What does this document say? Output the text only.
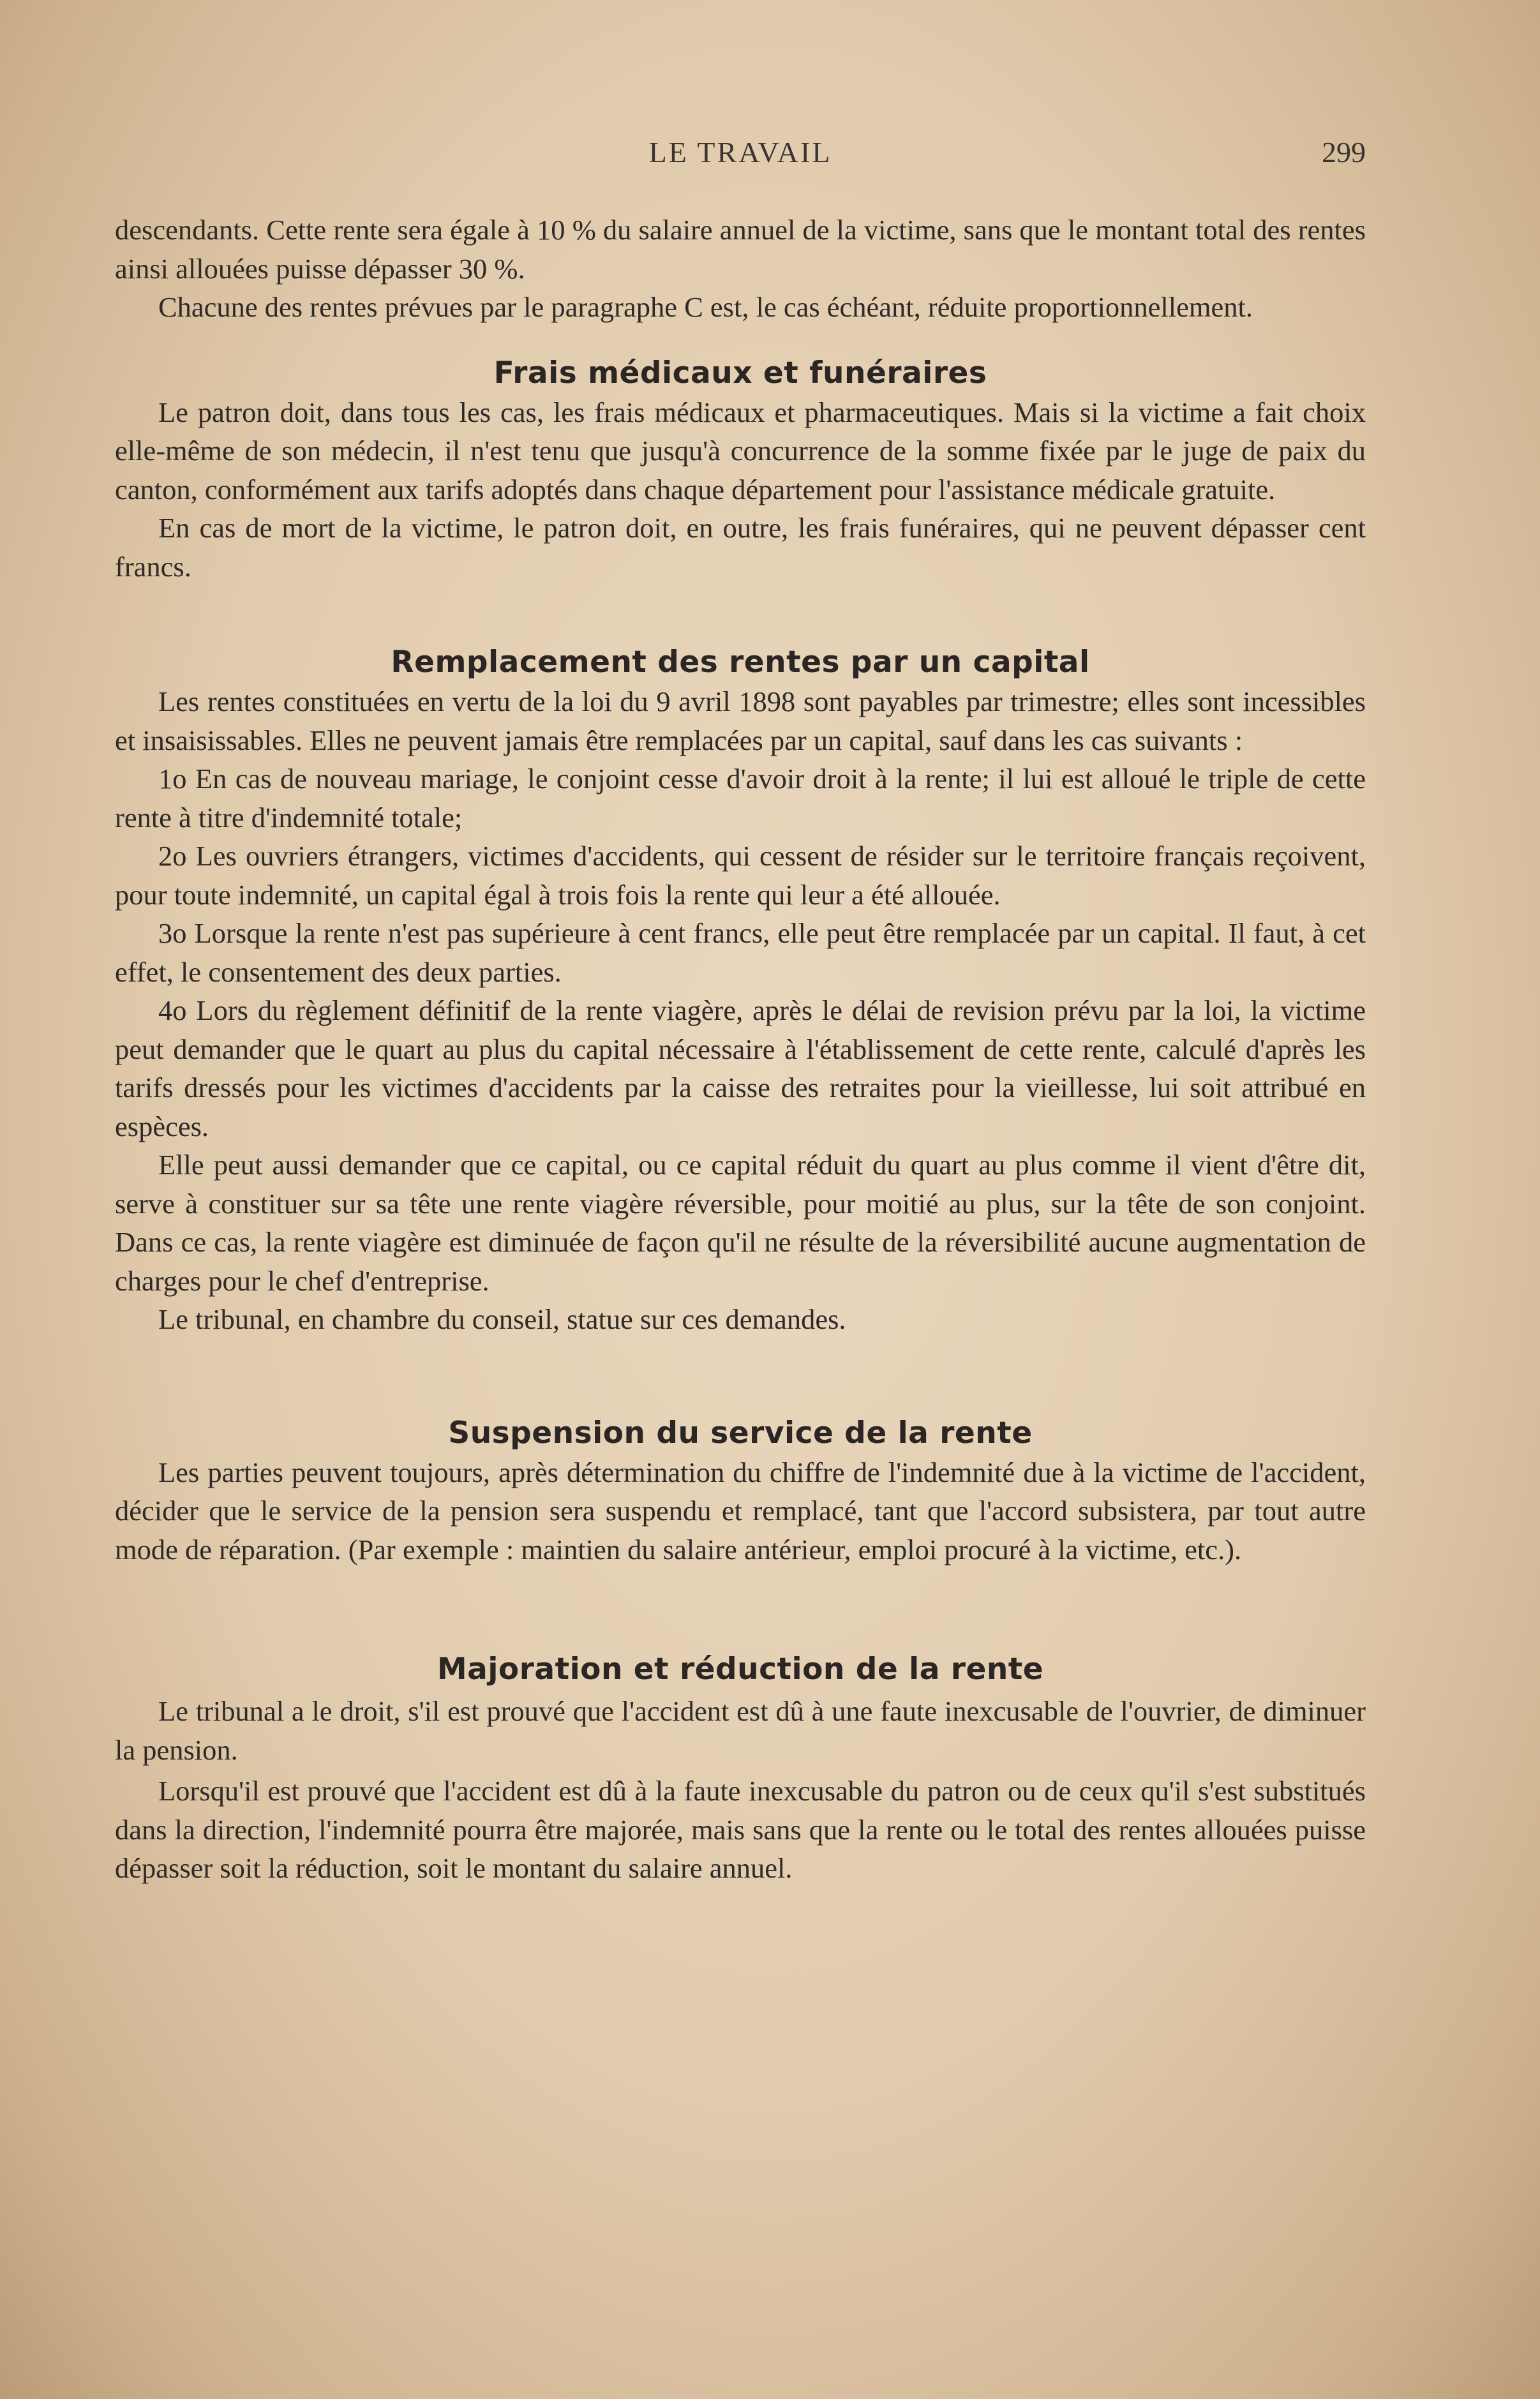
LE TRAVAIL	299

descendants. Cette rente sera égale à 10 % du salaire annuel de la victime, sans que le montant total des rentes ainsi allouées puisse dépasser 30 %.

Chacune des rentes prévues par le paragraphe C est, le cas échéant, réduite proportionnellement.

Frais médicaux et funéraires

Le patron doit, dans tous les cas, les frais médicaux et pharmaceutiques. Mais si la victime a fait choix elle-même de son médecin, il n'est tenu que jusqu'à concurrence de la somme fixée par le juge de paix du canton, conformément aux tarifs adoptés dans chaque département pour l'assistance médicale gratuite.

En cas de mort de la victime, le patron doit, en outre, les frais funéraires, qui ne peuvent dépasser cent francs.

Remplacement des rentes par un capital

Les rentes constituées en vertu de la loi du 9 avril 1898 sont payables par trimestre; elles sont incessibles et insaisissables. Elles ne peuvent jamais être remplacées par un capital, sauf dans les cas suivants :

1o En cas de nouveau mariage, le conjoint cesse d'avoir droit à la rente; il lui est alloué le triple de cette rente à titre d'indemnité totale;

2o Les ouvriers étrangers, victimes d'accidents, qui cessent de résider sur le territoire français reçoivent, pour toute indemnité, un capital égal à trois fois la rente qui leur a été allouée.

3o Lorsque la rente n'est pas supérieure à cent francs, elle peut être remplacée par un capital. Il faut, à cet effet, le consentement des deux parties.

4o Lors du règlement définitif de la rente viagère, après le délai de revision prévu par la loi, la victime peut demander que le quart au plus du capital nécessaire à l'établissement de cette rente, calculé d'après les tarifs dressés pour les victimes d'accidents par la caisse des retraites pour la vieillesse, lui soit attribué en espèces.

Elle peut aussi demander que ce capital, ou ce capital réduit du quart au plus comme il vient d'être dit, serve à constituer sur sa tête une rente viagère réversible, pour moitié au plus, sur la tête de son conjoint. Dans ce cas, la rente viagère est diminuée de façon qu'il ne résulte de la réversibilité aucune augmentation de charges pour le chef d'entreprise.

Le tribunal, en chambre du conseil, statue sur ces demandes.

Suspension du service de la rente

Les parties peuvent toujours, après détermination du chiffre de l'indemnité due à la victime de l'accident, décider que le service de la pension sera suspendu et remplacé, tant que l'accord subsistera, par tout autre mode de réparation. (Par exemple : maintien du salaire antérieur, emploi procuré à la victime, etc.).

Majoration et réduction de la rente

Le tribunal a le droit, s'il est prouvé que l'accident est dû à une faute inexcusable de l'ouvrier, de diminuer la pension.

Lorsqu'il est prouvé que l'accident est dû à la faute inexcusable du patron ou de ceux qu'il s'est substitués dans la direction, l'indemnité pourra être majorée, mais sans que la rente ou le total des rentes allouées puisse dépasser soit la réduction, soit le montant du salaire annuel.
